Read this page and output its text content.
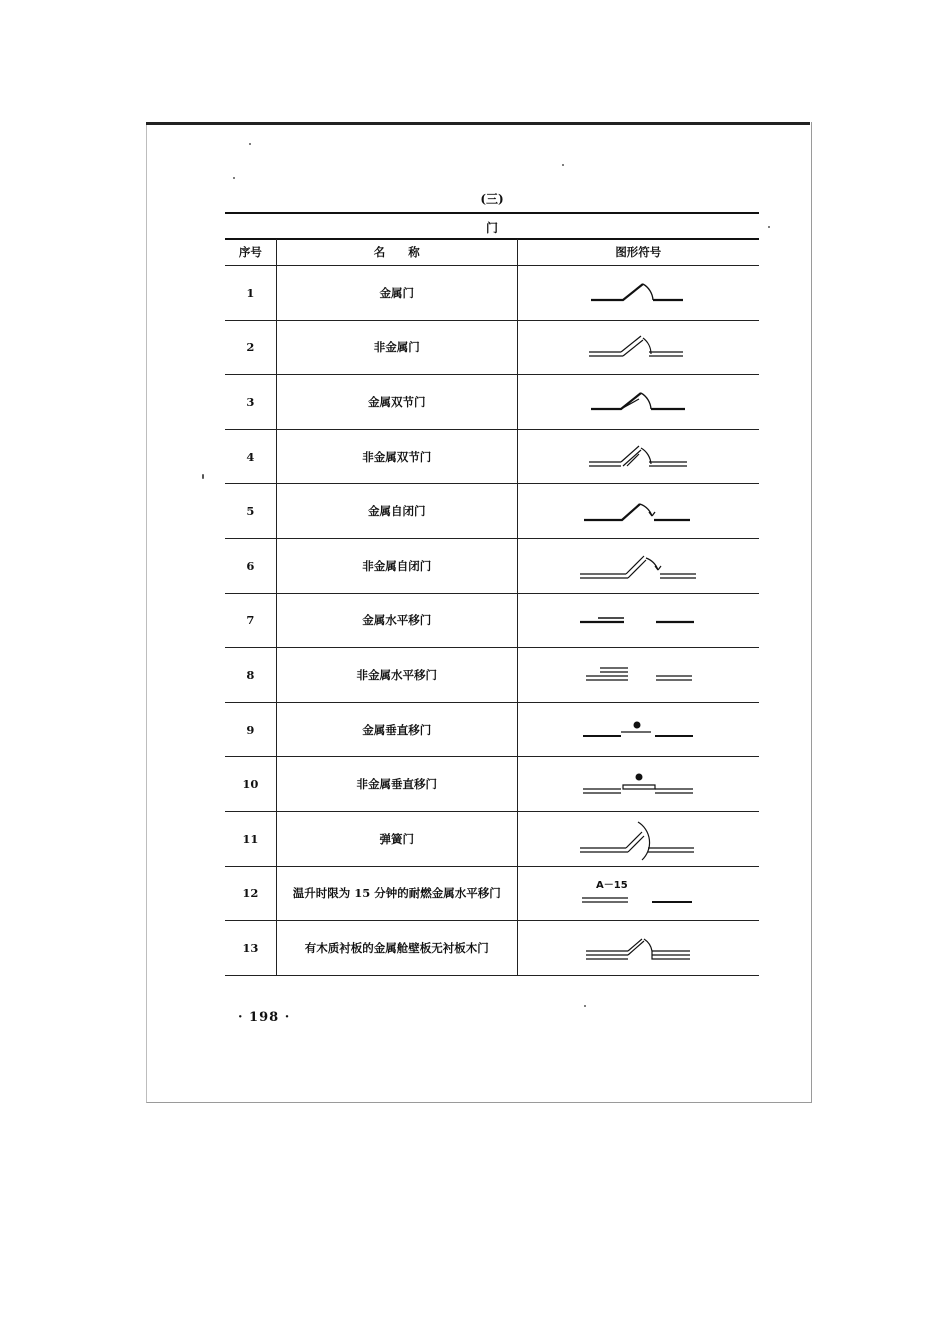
(三)
门
序号	名　　称	图形符号
1	金属门	

2	非金属门	

3	金属双节门	

4	非金属双节门	

5	金属自闭门	

6	非金属自闭门	

7	金属水平移门	

8	非金属水平移门	

9	金属垂直移门	

10	非金属垂直移门	

11	弹簧门	

12	温升时限为 15 分钟的耐燃金属水平移门	A－15

13	有木质衬板的金属舱壁板无衬板木门	
· 198 ·
